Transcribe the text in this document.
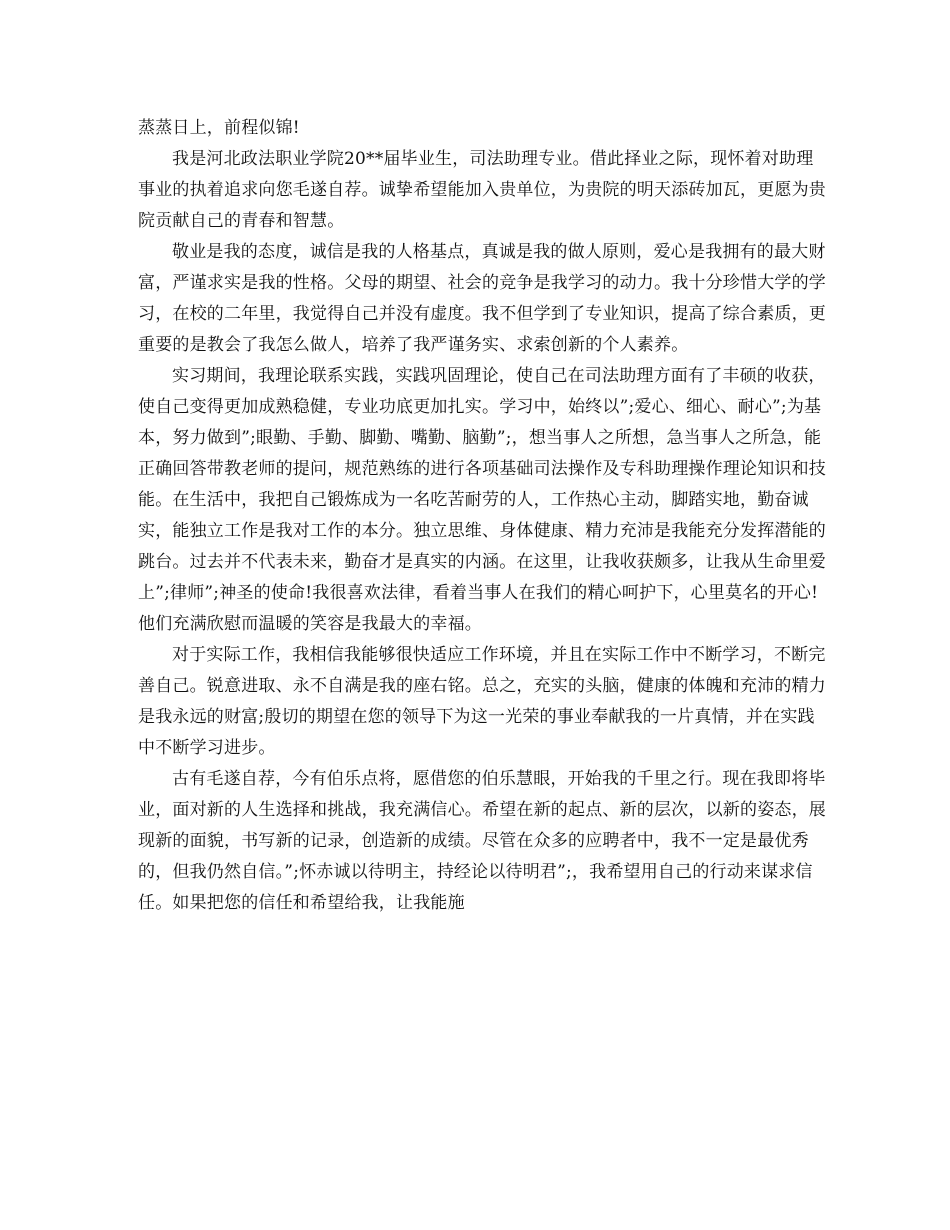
蒸蒸日上，前程似锦!

我是河北政法职业学院20**届毕业生，司法助理专业。借此择业之际，现怀着对助理事业的执着追求向您毛遂自荐。诚挚希望能加入贵单位，为贵院的明天添砖加瓦，更愿为贵院贡献自己的青春和智慧。

敬业是我的态度，诚信是我的人格基点，真诚是我的做人原则，爱心是我拥有的最大财富，严谨求实是我的性格。父母的期望、社会的竞争是我学习的动力。我十分珍惜大学的学习，在校的二年里，我觉得自己并没有虚度。我不但学到了专业知识，提高了综合素质，更重要的是教会了我怎么做人，培养了我严谨务实、求索创新的个人素养。

实习期间，我理论联系实践，实践巩固理论，使自己在司法助理方面有了丰硕的收获，使自己变得更加成熟稳健，专业功底更加扎实。学习中，始终以”;爱心、细心、耐心”;为基本，努力做到”;眼勤、手勤、脚勤、嘴勤、脑勤”;，想当事人之所想，急当事人之所急，能正确回答带教老师的提问，规范熟练的进行各项基础司法操作及专科助理操作理论知识和技能。在生活中，我把自己锻炼成为一名吃苦耐劳的人，工作热心主动，脚踏实地，勤奋诚实，能独立工作是我对工作的本分。独立思维、身体健康、精力充沛是我能充分发挥潜能的跳台。过去并不代表未来，勤奋才是真实的内涵。在这里，让我收获颇多，让我从生命里爱上”;律师”;神圣的使命!我很喜欢法律，看着当事人在我们的精心呵护下，心里莫名的开心!他们充满欣慰而温暖的笑容是我最大的幸福。

对于实际工作，我相信我能够很快适应工作环境，并且在实际工作中不断学习，不断完善自己。锐意进取、永不自满是我的座右铭。总之，充实的头脑，健康的体魄和充沛的精力是我永远的财富;殷切的期望在您的领导下为这一光荣的事业奉献我的一片真情，并在实践中不断学习进步。

古有毛遂自荐，今有伯乐点将，愿借您的伯乐慧眼，开始我的千里之行。现在我即将毕业，面对新的人生选择和挑战，我充满信心。希望在新的起点、新的层次，以新的姿态，展现新的面貌，书写新的记录，创造新的成绩。尽管在众多的应聘者中，我不一定是最优秀的，但我仍然自信。”;怀赤诚以待明主，持经论以待明君”;，我希望用自己的行动来谋求信任。如果把您的信任和希望给我，让我能施
